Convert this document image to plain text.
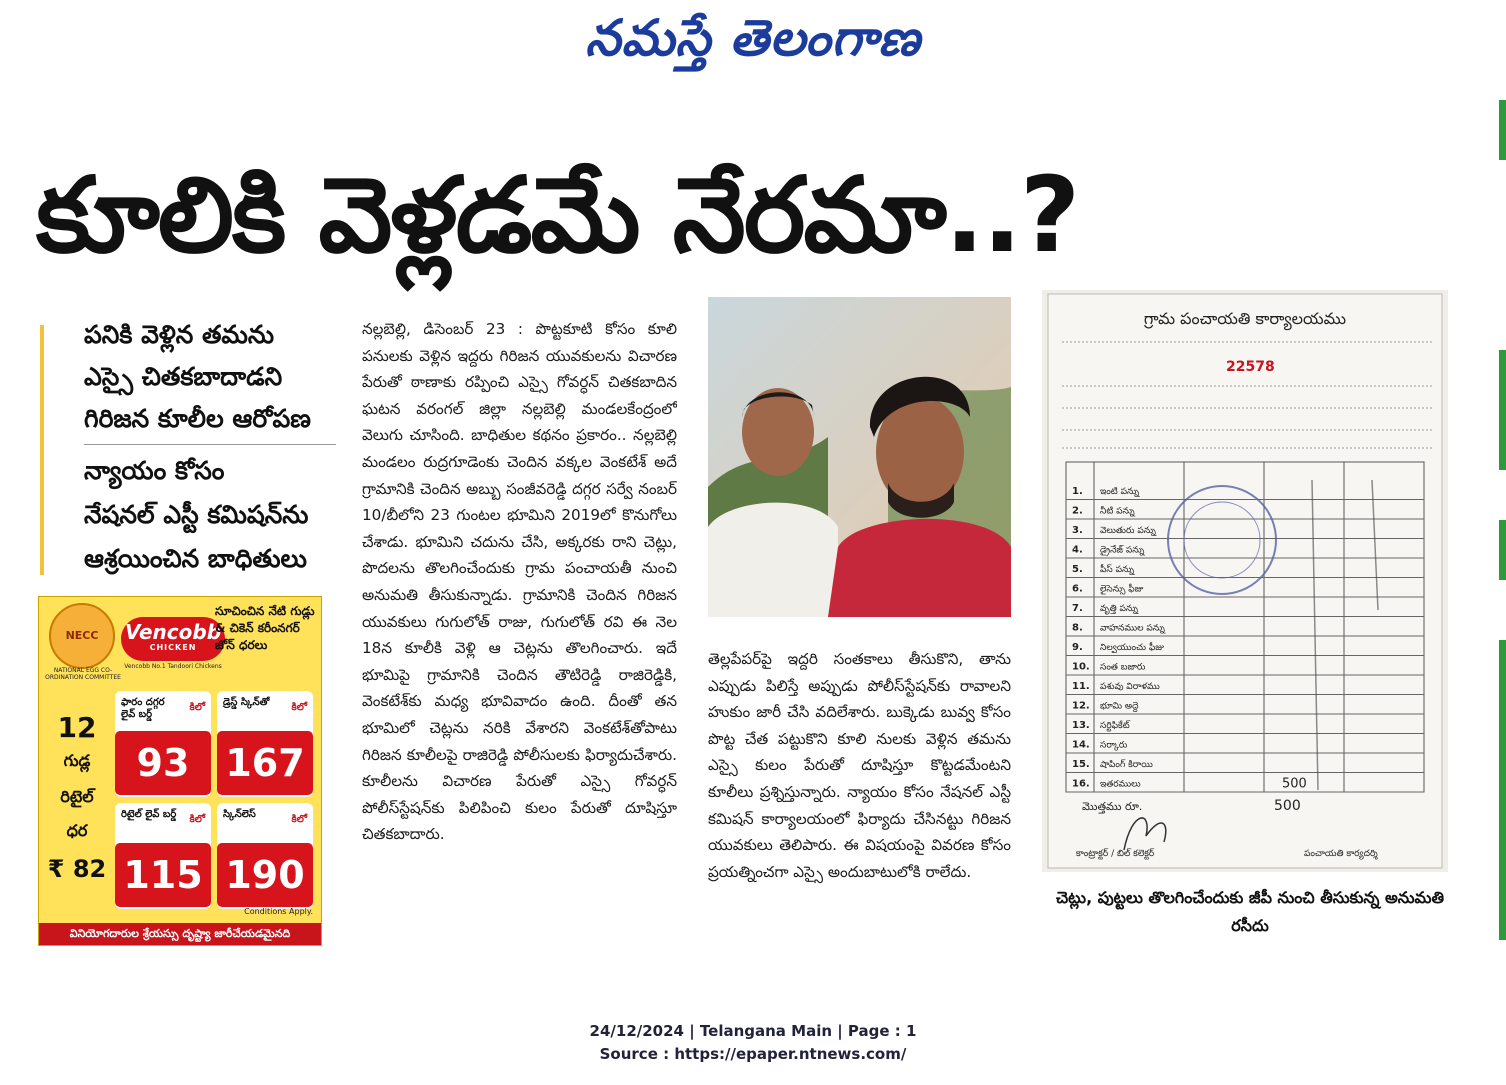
నమస్తే తెలంగాణ
కూలికి వెళ్లడమే నేరమా..?
పనికి వెళ్లిన తమను
ఎస్సై చితకబాదాడని
గిరిజన కూలీల ఆరోపణ
న్యాయం కోసం
నేషనల్ ఎస్టీ కమిషన్‌ను
ఆశ్రయించిన బాధితులు
NECC
NATIONAL EGG CO-ORDINATION COMMITTEE
Vencobb
CHICKEN
Vencobb No.1 Tandoori Chickens
సూచించిన నేటి గుడ్లు & చికెన్ కరీంనగర్ జోన్ ధరలు
12
గుడ్ల
రిటైల్
ధర
₹ 82
ఫారం దగ్గర లైవ్ బర్డ్
కిలో
93
డ్రెస్డ్ స్కిన్‌తో	కిలో
167
రిటైల్ లైవ్ బర్డ్	కిలో
115
స్కిన్‌లెస్	కిలో
190
Conditions Apply.
వినియోగదారుల శ్రేయస్సు దృష్ట్యా జారీచేయడమైనది

నల్లబెల్లి, డిసెంబర్ 23 : పొట్టకూటి కోసం కూలి పనులకు వెళ్లిన ఇద్దరు గిరిజన యువకులను విచారణ పేరుతో ఠాణాకు రప్పించి ఎస్సై గోవర్ధన్ చితకబాదిన ఘటన వరంగల్ జిల్లా నల్లబెల్లి మండలకేంద్రంలో వెలుగు చూసింది. బాధితుల కథనం ప్రకారం.. నల్లబెల్లి మండలం రుద్రగూడెంకు చెందిన వక్కల వెంకటేశ్ అదే గ్రామానికి చెందిన అబ్బు సంజీవరెడ్డి దగ్గర సర్వే నంబర్ 10/బీలోని 23 గుంటల భూమిని 2019లో కొనుగోలు చేశాడు. భూమిని చదును చేసి, అక్కరకు రాని చెట్లు, పొదలను తొలగించేందుకు గ్రామ పంచాయతీ నుంచి అనుమతి తీసుకున్నాడు. గ్రామానికి చెందిన గిరిజన యువకులు గుగులోత్ రాజు, గుగులోత్ రవి ఈ నెల 18న కూలీకి వెళ్లి ఆ చెట్లను తొలగించారు. ఇదే భూమిపై గ్రామానికి చెందిన తౌటిరెడ్డి రాజిరెడ్డికి, వెంకటేశ్‌కు మధ్య భూవివాదం ఉంది. దీంతో తన భూమిలో చెట్లను నరికి వేశారని వెంకటేశ్‌తోపాటు గిరిజన కూలీలపై రాజిరెడ్డి పోలీసులకు ఫిర్యాదుచేశారు. కూలీలను విచారణ పేరుతో ఎస్సై గోవర్ధన్ పోలీస్‌స్టేషన్‌కు పిలిపించి కులం పేరుతో దూషిస్తూ చితకబాదారు.

తెల్లపేపర్‌పై ఇద్దరి సంతకాలు తీసుకొని, తాను ఎప్పుడు పిలిస్తే అప్పుడు పోలీస్‌స్టేషన్‌కు రావాలని హుకుం జారీ చేసి వదిలేశారు. బుక్కెడు బువ్వ కోసం పొట్ట చేత పట్టుకొని కూలి నులకు వెళ్లిన తమను ఎస్సై కులం పేరుతో దూషిస్తూ కొట్టడమేంటని కూలీలు ప్రశ్నిస్తున్నారు. న్యాయం కోసం నేషనల్ ఎస్టీ కమిషన్ కార్యాలయంలో ఫిర్యాదు చేసినట్టు గిరిజన యువకులు తెలిపారు. ఈ విషయంపై వివరణ కోసం ప్రయత్నించగా ఎస్సై అందుబాటులోకి రాలేదు.

గ్రామ పంచాయతి కార్యాలయము
22578
1. ఇంటి పన్ను
2. నీటి పన్ను
3. వెలుతురు పన్ను
4. డ్రైనేజ్ పన్ను
5. పీస్ పన్ను
6. లైసెన్సు ఫీజు
7. వృత్తి పన్ను
8. వాహనముల పన్ను
9. నిల్వయుంచు ఫీజు
10. సంత బజారు
11. పశువు విరాళము
12. భూమి అద్దె
13. సర్టిఫికేట్
14. సర్కారు
15. షాపింగ్ కిరాయి
16. ఇతరములు	500
మొత్తము రూ.	500
కాంట్రాక్టర్ / బిల్ కలెక్టర్	పంచాయతి కార్యదర్శి
చెట్లు, పుట్టలు తొలగించేందుకు జీపీ నుంచి తీసుకున్న అనుమతి రసీదు
24/12/2024 | Telangana Main | Page : 1
Source : https://epaper.ntnews.com/
